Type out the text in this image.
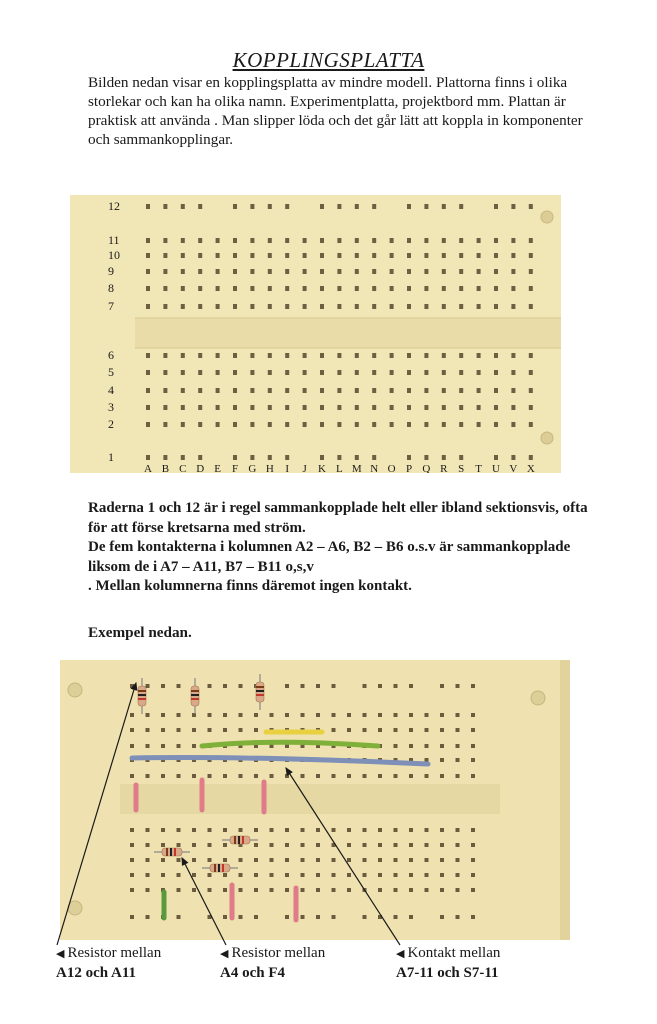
KOPPLINGSPLATTA
Bilden nedan visar en kopplingsplatta av mindre modell. Plattorna finns i olika
storlekar och kan ha olika namn. Experimentplatta, projektbord mm. Plattan är
praktisk att använda . Man slipper löda och det går lätt att koppla in komponenter
och sammankopplingar.
12
11
10
9
8
7
6
5
4
3
2
1
A B C D E F G H I J K L M N O P Q R S T U V X
Raderna 1 och 12 är i regel sammankopplade helt eller ibland sektionsvis, ofta
för att förse kretsarna med ström.
De fem kontakterna i kolumnen A2 – A6, B2 – B6 o.s.v är sammankopplade
liksom de i A7 – A11, B7 – B11 o,s,v
. Mellan kolumnerna finns däremot ingen kontakt.
Exempel nedan.
◀ Resistor mellan
A12 och A11
◀ Resistor mellan
A4 och F4
◀ Kontakt mellan
A7-11 och S7-11
